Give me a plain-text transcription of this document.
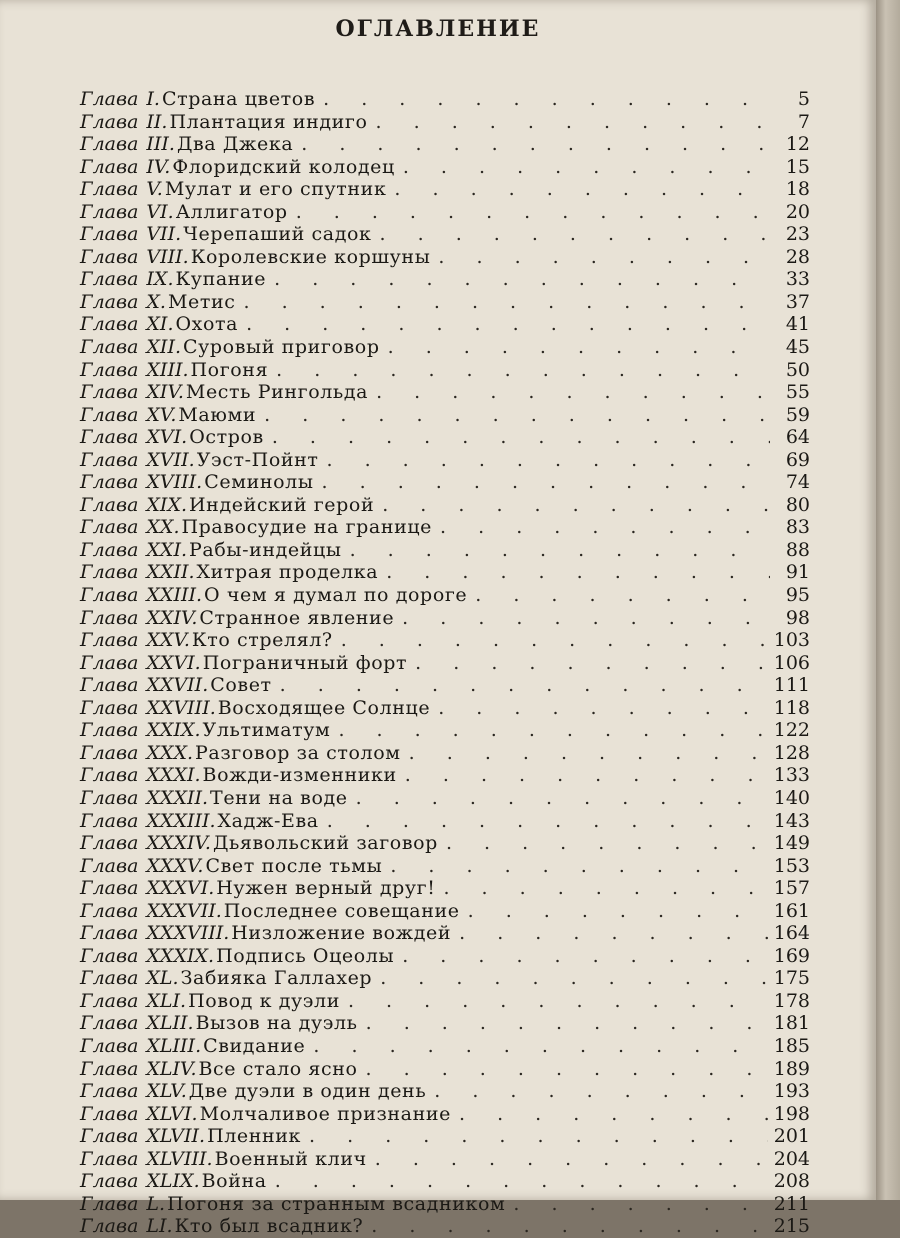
ОГЛАВЛЕНИЕ
Глава I. Страна цветов . . .	5
Глава II. Плантация индиго . . .	7
Глава III. Два Джека . . .	12
Глава IV. Флоридский колодец . . .	15
Глава V. Мулат и его спутник . . .	18
Глава VI. Аллигатор . . .	20
Глава VII. Черепаший садок . . .	23
Глава VIII. Королевские коршуны . . .	28
Глава IX. Купание . . .	33
Глава X. Метис . . .	37
Глава XI. Охота . . .	41
Глава XII. Суровый приговор . . .	45
Глава XIII. Погоня . . .	50
Глава XIV. Месть Рингольда . . .	55
Глава XV. Маюми . . .	59
Глава XVI. Остров . . .	64
Глава XVII. Уэст-Пойнт . . .	69
Глава XVIII. Семинолы . . .	74
Глава XIX. Индейский герой . . .	80
Глава XX. Правосудие на границе . . .	83
Глава XXI. Рабы-индейцы . . .	88
Глава XXII. Хитрая проделка . . .	91
Глава XXIII. О чем я думал по дороге . . .	95
Глава XXIV. Странное явление . . .	98
Глава XXV. Кто стрелял? . . .	103
Глава XXVI. Пограничный форт . . .	106
Глава XXVII. Совет . . .	111
Глава XXVIII. Восходящее Солнце . . .	118
Глава XXIX. Ультиматум . . .	122
Глава XXX. Разговор за столом . . .	128
Глава XXXI. Вожди-изменники . . .	133
Глава XXXII. Тени на воде . . .	140
Глава XXXIII. Хадж-Ева . . .	143
Глава XXXIV. Дьявольский заговор . . .	149
Глава XXXV. Свет после тьмы . . .	153
Глава XXXVI. Нужен верный друг! . . .	157
Глава XXXVII. Последнее совещание . . .	161
Глава XXXVIII. Низложение вождей . . .	164
Глава XXXIX. Подпись Оцеолы . . .	169
Глава XL. Забияка Галлахер . . .	175
Глава XLI. Повод к дуэли . . .	178
Глава XLII. Вызов на дуэль . . .	181
Глава XLIII. Свидание . . .	185
Глава XLIV. Все стало ясно . . .	189
Глава XLV. Две дуэли в один день . . .	193
Глава XLVI. Молчаливое признание . . .	198
Глава XLVII. Пленник . . .	201
Глава XLVIII. Военный клич . . .	204
Глава XLIX. Война . . .	208
Глава L. Погоня за странным всадником . . .	211
Глава LI. Кто был всадник? . . .	215
